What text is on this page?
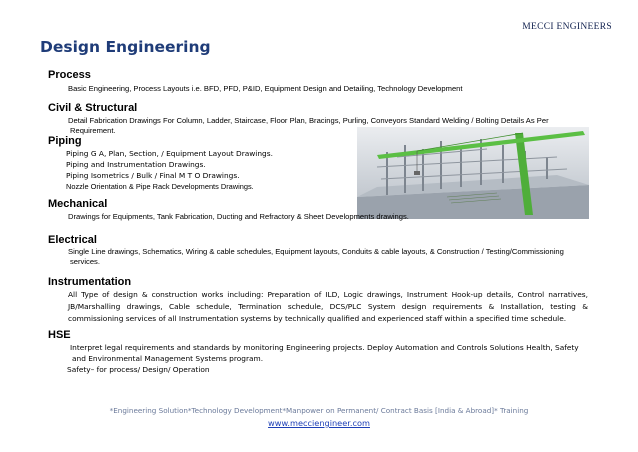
MECCI ENGINEERS
Design Engineering
Process

Basic Engineering, Process Layouts i.e. BFD, PFD, P&ID, Equipment Design and Detailing, Technology Development

Civil & Structural
Detail Fabrication Drawings For Column, Ladder, Staircase, Floor Plan, Bracings, Purling, Conveyors Standard Welding / Bolting Details As Per

Requirement.
Piping
Piping G A, Plan, Section, / Equipment Layout Drawings.
Piping and Instrumentation Drawings.
Piping Isometrics / Bulk / Final M T O Drawings.
Nozzle Orientation & Pipe Rack Developments Drawings.
Mechanical

Drawings for Equipments, Tank Fabrication, Ducting and Refractory & Sheet Developments drawings.

Electrical
Single Line drawings, Schematics, Wiring & cable schedules, Equipment layouts, Conduits & cable layouts, & Construction / Testing/Commissioning

services.
Instrumentation

All Type of design & construction works including: Preparation of ILD, Logic drawings, Instrument Hook-up details, Control narratives, JB/Marshalling drawings, Cable schedule, Termination schedule, DCS/PLC System design requirements & Installation, testing & commissioning services of all Instrumentation systems by technically qualified and experienced staff within a specified time schedule.

HSE
Interpret legal requirements and standards by monitoring Engineering projects. Deploy Automation and Controls Solutions Health, Safety
and Environmental Management Systems program.
Safety– for process/ Design/ Operation
*Engineering Solution*Technology Development*Manpower on Permanent/ Contract Basis [India & Abroad]* Training
www.mecciengineer.com
